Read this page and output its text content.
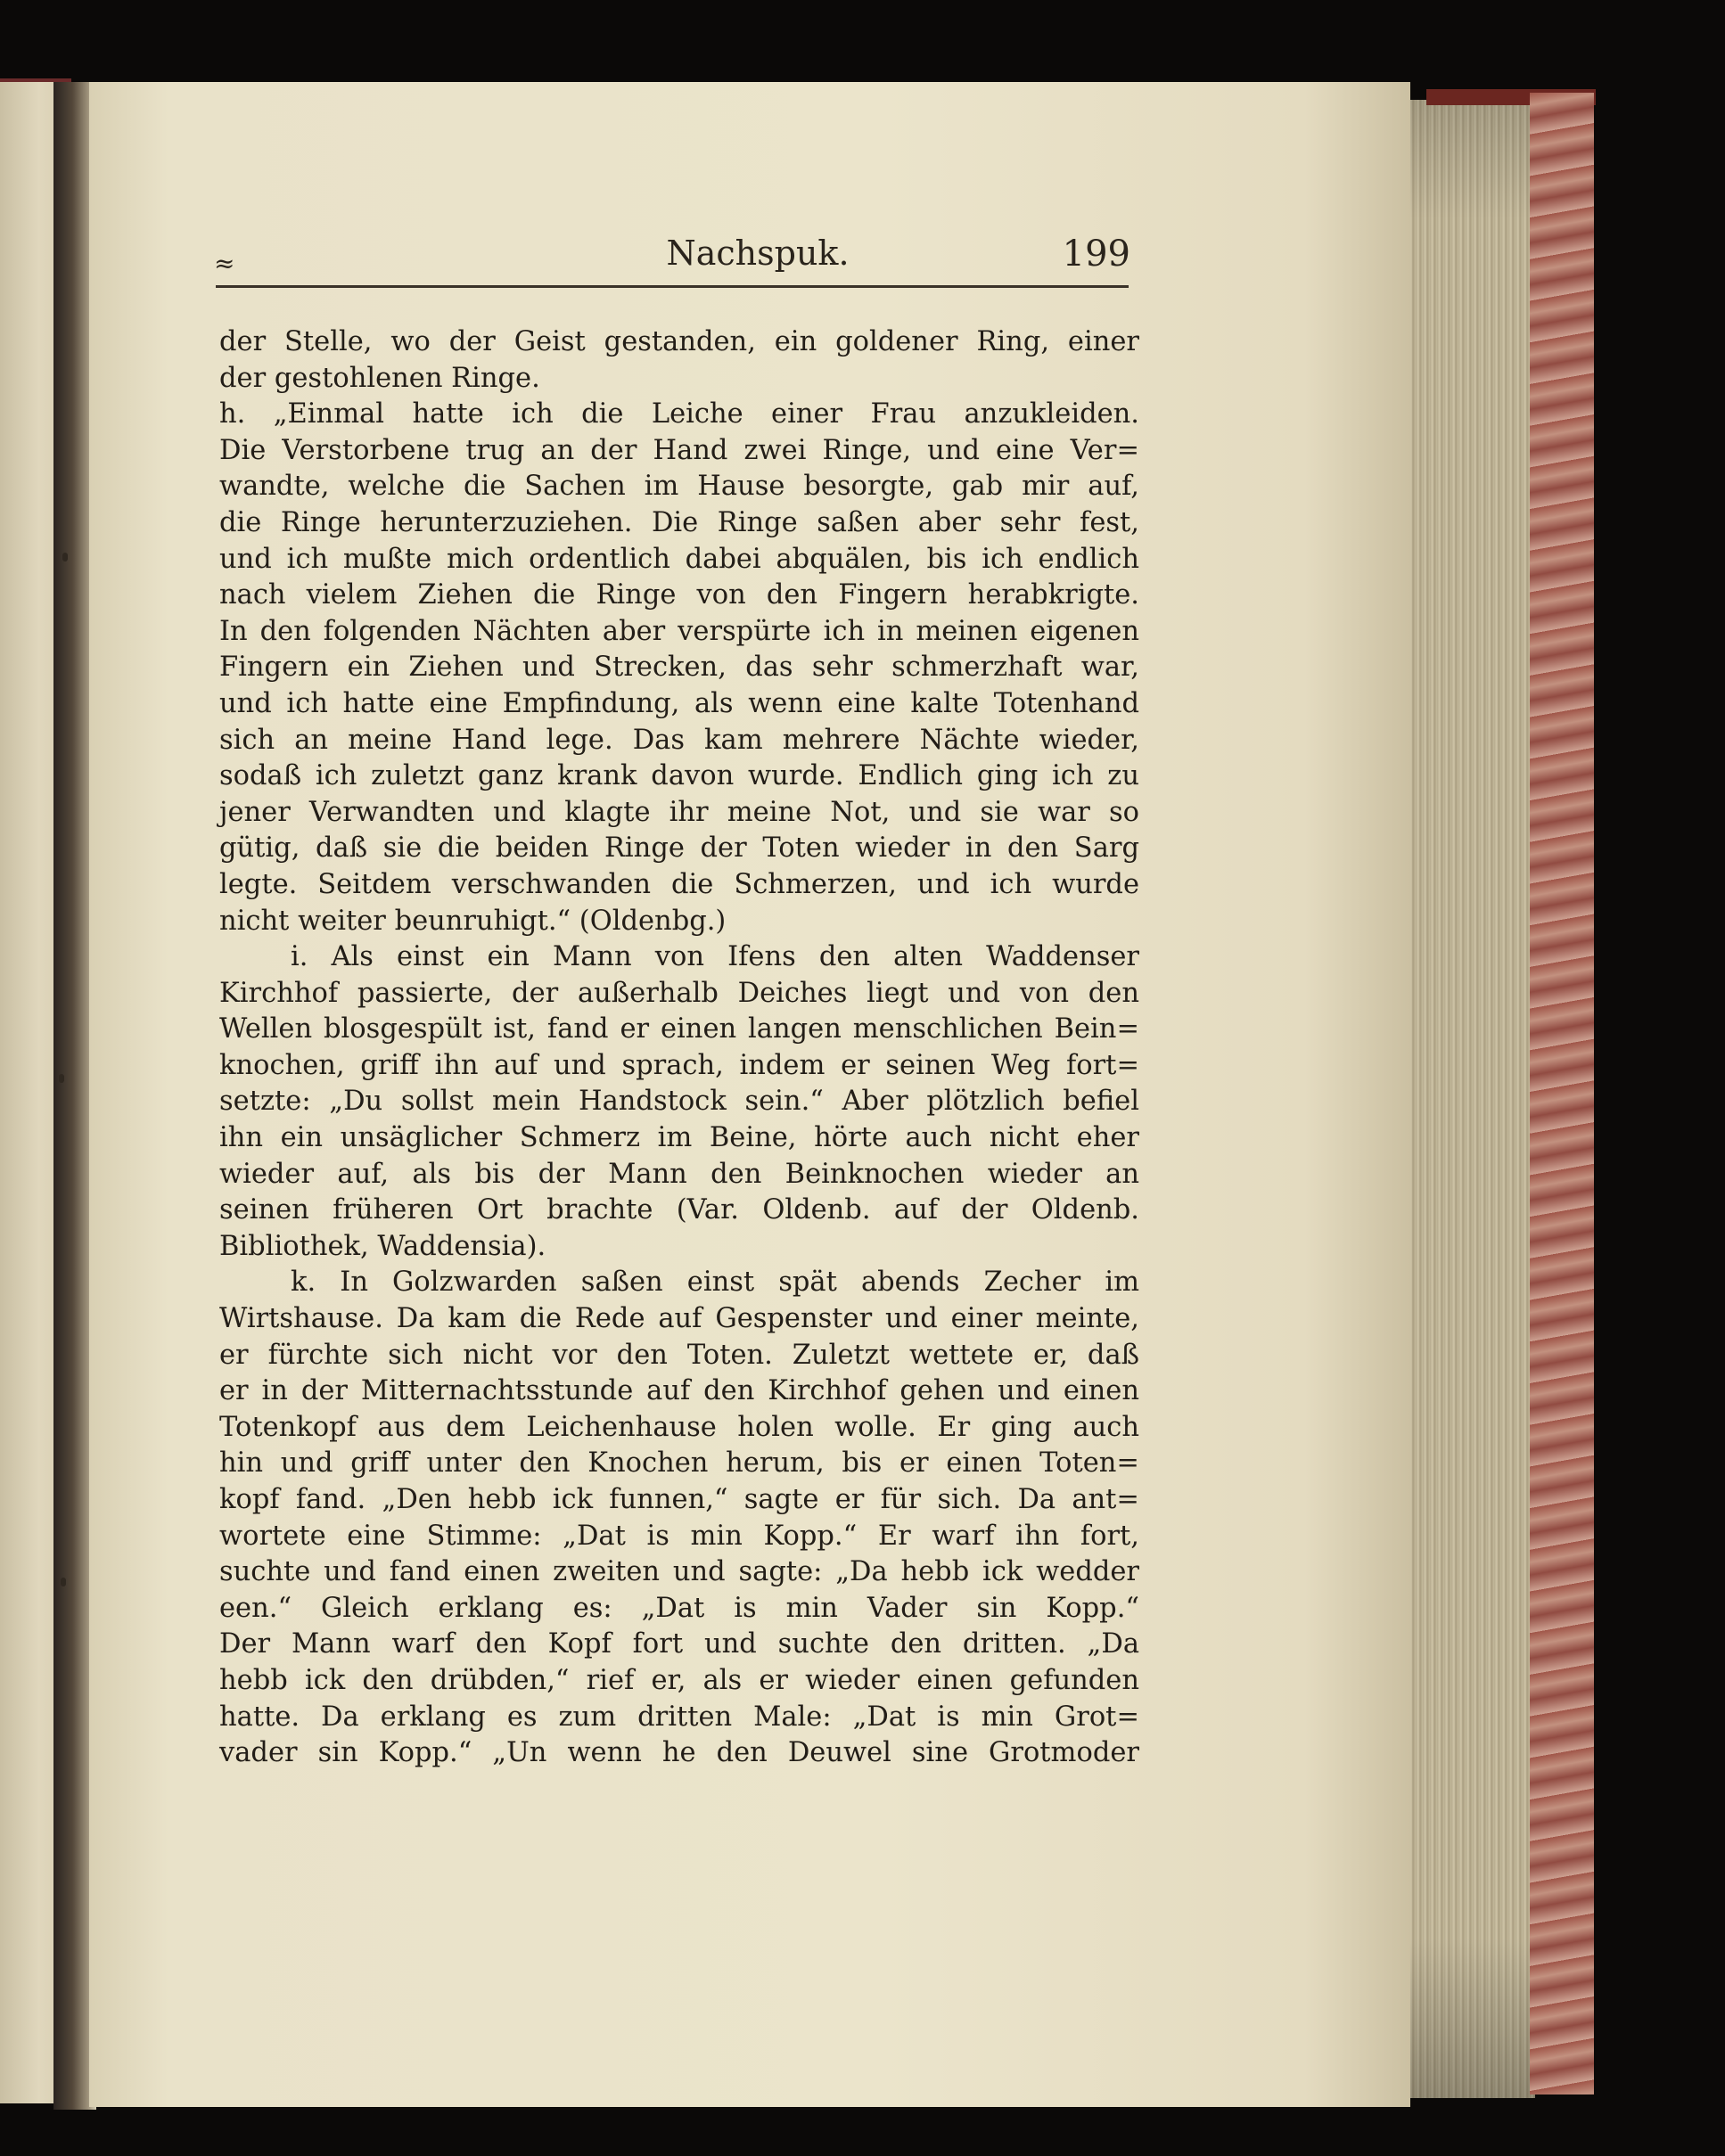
≈	Nachspuk.	199
der Stelle, wo der Geist gestanden, ein goldener Ring, einer
der gestohlenen Ringe.
h. „Einmal hatte ich die Leiche einer Frau anzukleiden.
Die Verstorbene trug an der Hand zwei Ringe, und eine Ver=
wandte, welche die Sachen im Hause besorgte, gab mir auf,
die Ringe herunterzuziehen. Die Ringe saßen aber sehr fest,
und ich mußte mich ordentlich dabei abquälen, bis ich endlich
nach vielem Ziehen die Ringe von den Fingern herabkrigte.
In den folgenden Nächten aber verspürte ich in meinen eigenen
Fingern ein Ziehen und Strecken, das sehr schmerzhaft war,
und ich hatte eine Empfindung, als wenn eine kalte Totenhand
sich an meine Hand lege. Das kam mehrere Nächte wieder,
sodaß ich zuletzt ganz krank davon wurde. Endlich ging ich zu
jener Verwandten und klagte ihr meine Not, und sie war so
gütig, daß sie die beiden Ringe der Toten wieder in den Sarg
legte. Seitdem verschwanden die Schmerzen, und ich wurde
nicht weiter beunruhigt.“ (Oldenbg.)
i. Als einst ein Mann von Ifens den alten Waddenser
Kirchhof passierte, der außerhalb Deiches liegt und von den
Wellen blosgespült ist, fand er einen langen menschlichen Bein=
knochen, griff ihn auf und sprach, indem er seinen Weg fort=
setzte: „Du sollst mein Handstock sein.“ Aber plötzlich befiel
ihn ein unsäglicher Schmerz im Beine, hörte auch nicht eher
wieder auf, als bis der Mann den Beinknochen wieder an
seinen früheren Ort brachte (Var. Oldenb. auf der Oldenb.
Bibliothek, Waddensia).
k. In Golzwarden saßen einst spät abends Zecher im
Wirtshause. Da kam die Rede auf Gespenster und einer meinte,
er fürchte sich nicht vor den Toten. Zuletzt wettete er, daß
er in der Mitternachtsstunde auf den Kirchhof gehen und einen
Totenkopf aus dem Leichenhause holen wolle. Er ging auch
hin und griff unter den Knochen herum, bis er einen Toten=
kopf fand. „Den hebb ick funnen,“ sagte er für sich. Da ant=
wortete eine Stimme: „Dat is min Kopp.“ Er warf ihn fort,
suchte und fand einen zweiten und sagte: „Da hebb ick wedder
een.“ Gleich erklang es: „Dat is min Vader sin Kopp.“
Der Mann warf den Kopf fort und suchte den dritten. „Da
hebb ick den drübden,“ rief er, als er wieder einen gefunden
hatte. Da erklang es zum dritten Male: „Dat is min Grot=
vader sin Kopp.“ „Un wenn he den Deuwel sine Grotmoder
